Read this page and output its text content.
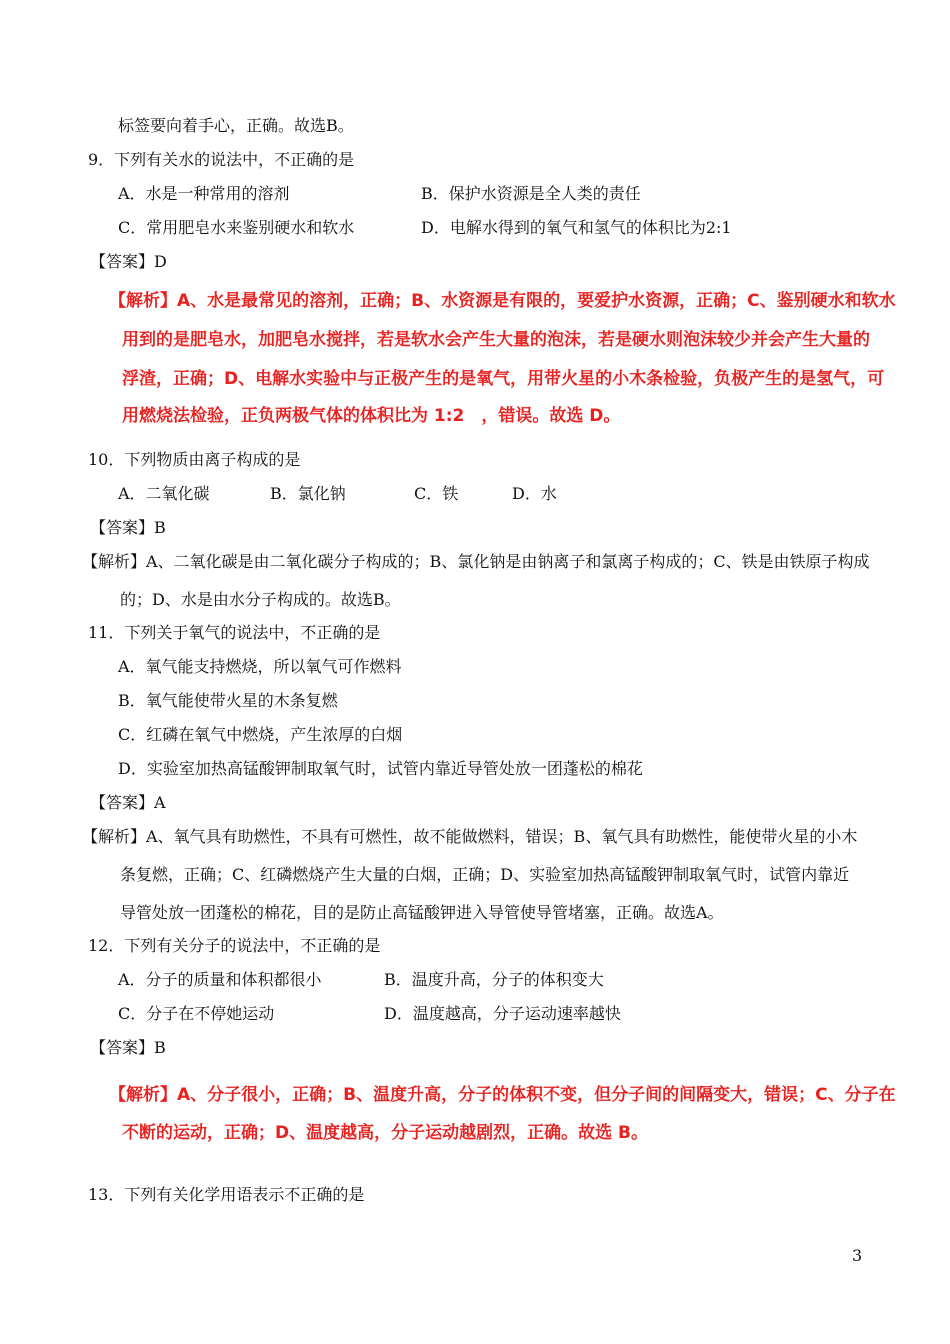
标签要向着手心，正确。故选B。
9．下列有关水的说法中，不正确的是
A．水是一种常用的溶剂	B．保护水资源是全人类的责任
C．常用肥皂水来鉴别硬水和软水	D．电解水得到的氧气和氢气的体积比为2:1
【答案】D
【解析】A、水是最常见的溶剂，正确；B、水资源是有限的，要爱护水资源，正确；C、鉴别硬水和软水
用到的是肥皂水，加肥皂水搅拌，若是软水会产生大量的泡沫，若是硬水则泡沫较少并会产生大量的
浮渣，正确；D、电解水实验中与正极产生的是氧气，用带火星的小木条检验，负极产生的是氢气，可
用燃烧法检验，正负两极气体的体积比为 1:2　，错误。故选 D。
10．下列物质由离子构成的是
A．二氧化碳	B．氯化钠	C．铁	D．水
【答案】B
【解析】A、二氧化碳是由二氧化碳分子构成的；B、氯化钠是由钠离子和氯离子构成的；C、铁是由铁原子构成
的；D、水是由水分子构成的。故选B。
11．下列关于氧气的说法中，不正确的是
A．氧气能支持燃烧，所以氧气可作燃料
B．氧气能使带火星的木条复燃
C．红磷在氧气中燃烧，产生浓厚的白烟
D．实验室加热高锰酸钾制取氧气时，试管内靠近导管处放一团蓬松的棉花
【答案】A
【解析】A、氧气具有助燃性，不具有可燃性，故不能做燃料，错误；B、氧气具有助燃性，能使带火星的小木
条复燃，正确；C、红磷燃烧产生大量的白烟，正确；D、实验室加热高锰酸钾制取氧气时，试管内靠近
导管处放一团蓬松的棉花，目的是防止高锰酸钾进入导管使导管堵塞，正确。故选A。
12．下列有关分子的说法中，不正确的是
A．分子的质量和体积都很小	B．温度升高，分子的体积变大
C．分子在不停她运动	D．温度越高，分子运动速率越快
【答案】B
【解析】A、分子很小，正确；B、温度升高，分子的体积不变，但分子间的间隔变大，错误；C、分子在
不断的运动，正确；D、温度越高，分子运动越剧烈，正确。故选 B。
13．下列有关化学用语表示不正确的是
3
